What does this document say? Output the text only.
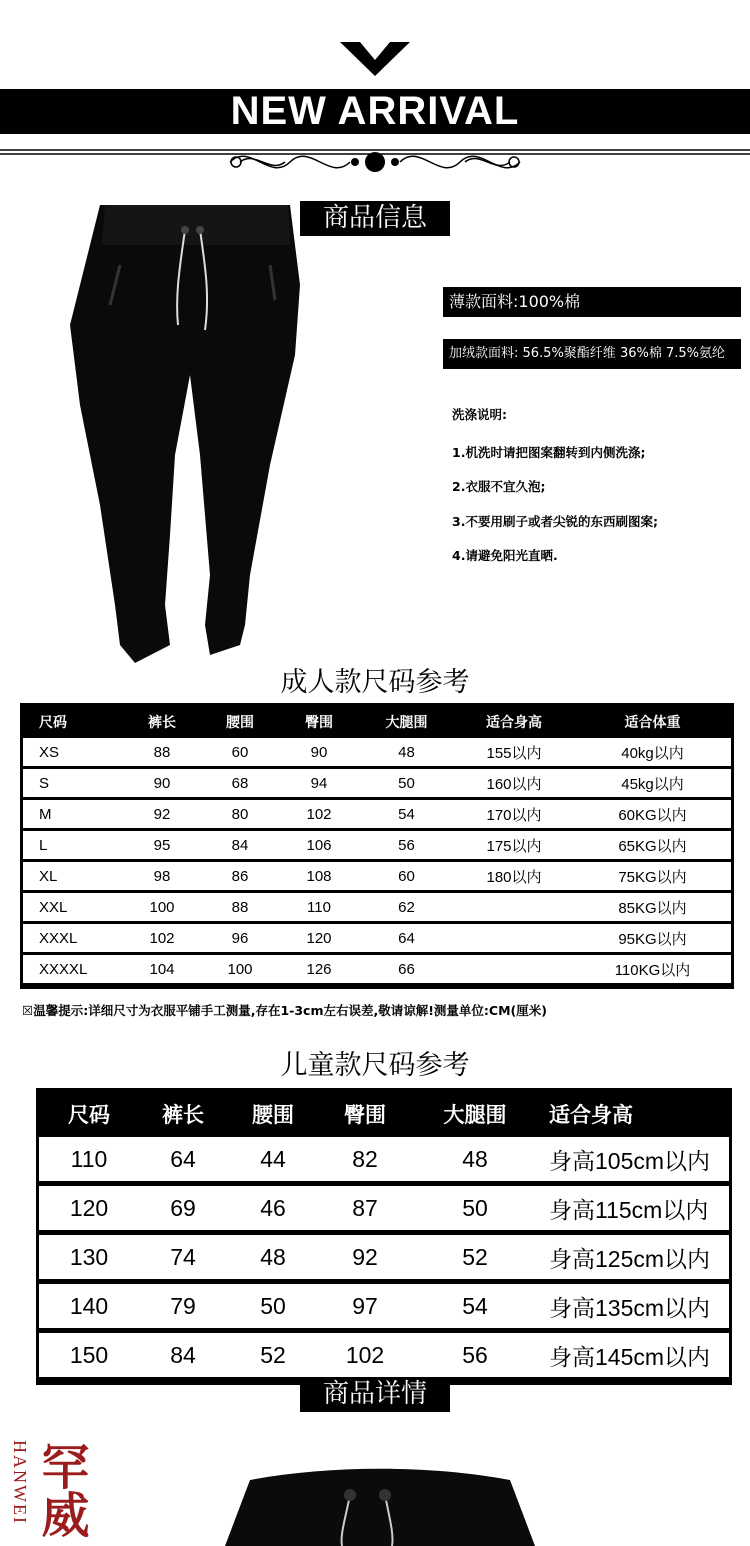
NEW ARRIVAL
商品信息
薄款面料:100%棉
加绒款面料: 56.5%聚酯纤维 36%棉 7.5%氨纶
洗涤说明:
1.机洗时请把图案翻转到内侧洗涤;
2.衣服不宜久泡;
3.不要用刷子或者尖锐的东西刷图案;
4.请避免阳光直晒.
成人款尺码参考
尺码	裤长	腰围	臀围	大腿围	适合身高	适合体重
XS	88	60	90	48	155以内	40kg以内
S	90	68	94	50	160以内	45kg以内
M	92	80	102	54	170以内	60KG以内
L	95	84	106	56	175以内	65KG以内
XL	98	86	108	60	180以内	75KG以内
XXL	100	88	110	62		85KG以内
XXXL	102	96	120	64		95KG以内
XXXXL	104	100	126	66		110KG以内
☒温馨提示:详细尺寸为衣服平铺手工测量,存在1-3cm左右误差,敬请谅解!测量单位:CM(厘米)
儿童款尺码参考
尺码	裤长	腰围	臀围	大腿围	适合身高
110	64	44	82	48	身高105cm以内
120	69	46	87	50	身高115cm以内
130	74	48	92	52	身高125cm以内
140	79	50	97	54	身高135cm以内
150	84	52	102	56	身高145cm以内
商品详情
HANWEI 罕威
